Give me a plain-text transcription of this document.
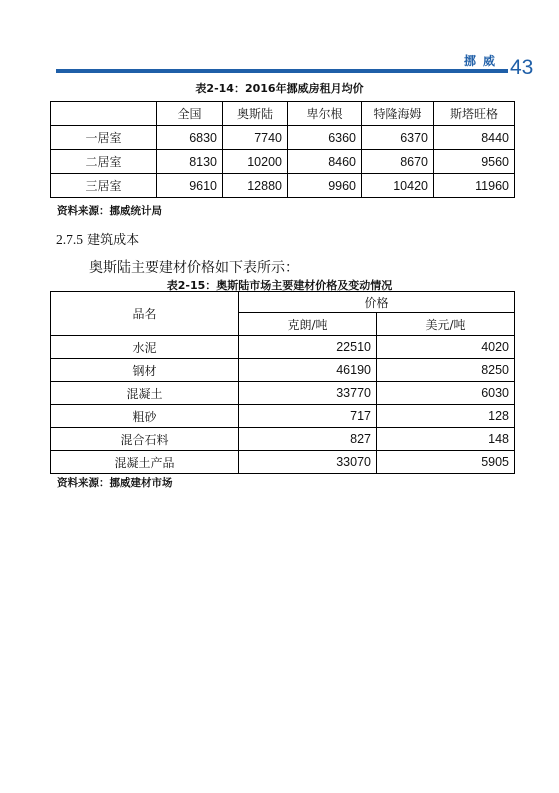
挪威 43
表2-14：2016年挪威房租月均价
	全国	奥斯陆	卑尔根	特隆海姆	斯塔旺格
一居室	6830	7740	6360	6370	8440
二居室	8130	10200	8460	8670	9560
三居室	9610	12880	9960	10420	11960
资料来源：挪威统计局
2.7.5 建筑成本
奥斯陆主要建材价格如下表所示：
表2-15：奥斯陆市场主要建材价格及变动情况
品名	价格	
	克朗/吨	美元/吨
水泥	22510	4020
钢材	46190	8250
混凝土	33770	6030
粗砂	717	128
混合石料	827	148
混凝土产品	33070	5905
资料来源：挪威建材市场
